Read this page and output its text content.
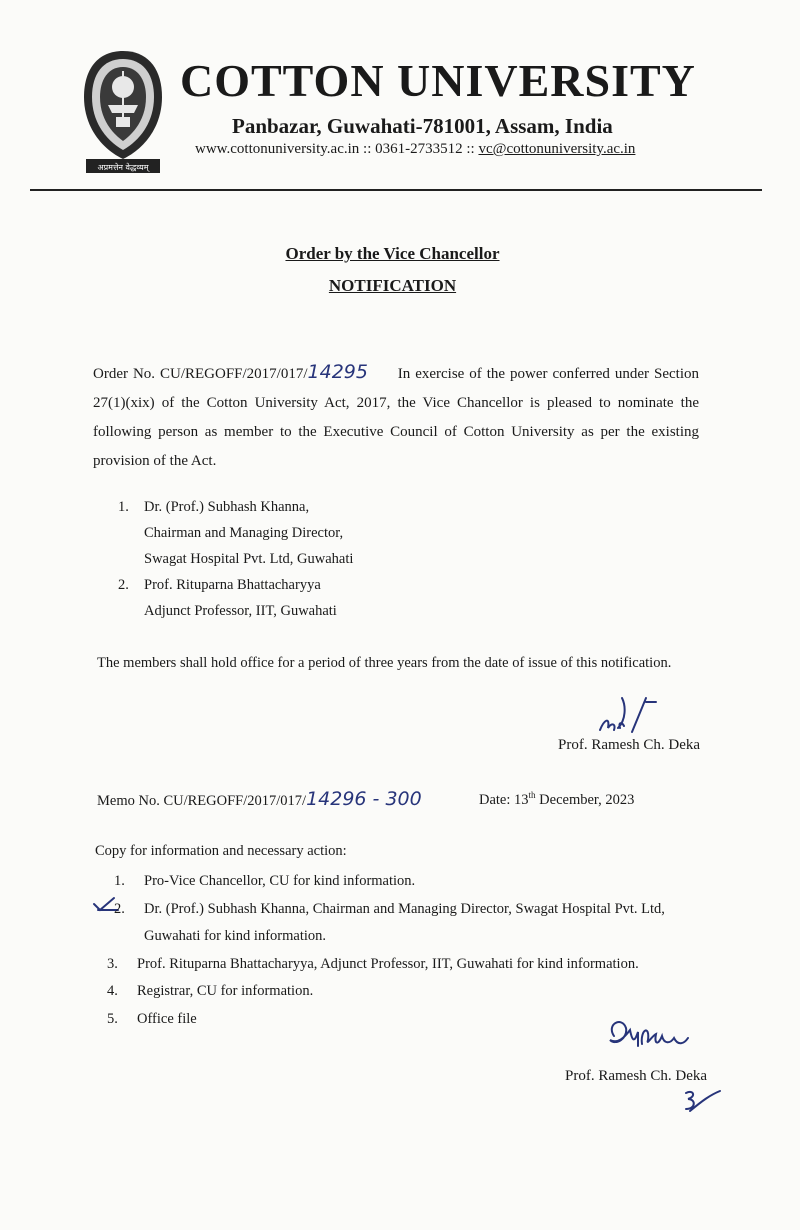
अप्रमत्तेन वेद्धव्यम्
COTTON UNIVERSITY
Panbazar, Guwahati-781001, Assam, India
www.cottonuniversity.ac.in :: 0361-2733512 :: vc@cottonuniversity.ac.in
Order by the Vice Chancellor
NOTIFICATION
Order No. CU/REGOFF/2017/017/14295 In exercise of the power conferred under Section 27(1)(xix) of the Cotton University Act, 2017, the Vice Chancellor is pleased to nominate the following person as member to the Executive Council of Cotton University as per the existing provision of the Act.
1.	Dr. (Prof.) Subhash Khanna,
Chairman and Managing Director,
Swagat Hospital Pvt. Ltd, Guwahati
2.	Prof. Rituparna Bhattacharyya
Adjunct Professor, IIT, Guwahati
The members shall hold office for a period of three years from the date of issue of this notification.
Prof. Ramesh Ch. Deka
Memo No. CU/REGOFF/2017/017/14296 - 300	Date: 13th December, 2023
Copy for information and necessary action:
1.	Pro-Vice Chancellor, CU for kind information.
2.	Dr. (Prof.) Subhash Khanna, Chairman and Managing Director, Swagat Hospital Pvt. Ltd,
Guwahati for kind information.
3.	Prof. Rituparna Bhattacharyya, Adjunct Professor, IIT, Guwahati for kind information.
4.	Registrar, CU for information.
5.	Office file
Prof. Ramesh Ch. Deka
